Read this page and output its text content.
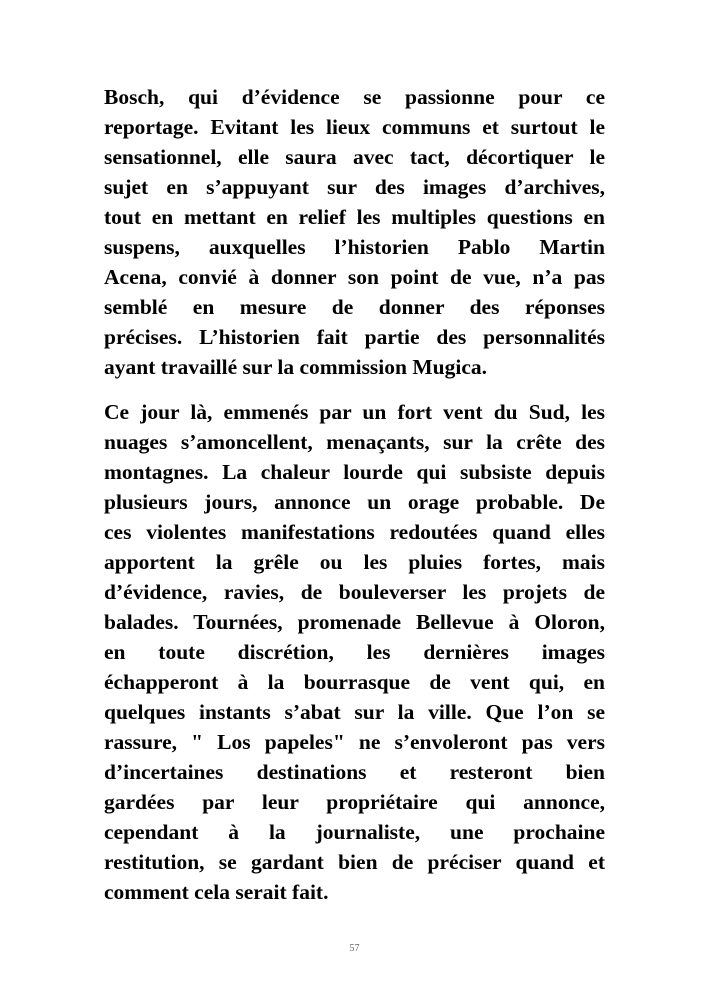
Bosch, qui d’évidence se passionne pour ce
reportage. Evitant les lieux communs et surtout le
sensationnel, elle saura avec tact, décortiquer le
sujet en s’appuyant sur des images d’archives,
tout en mettant en relief les multiples questions en
suspens, auxquelles l’historien Pablo Martin
Acena, convié à donner son point de vue, n’a pas
semblé en mesure de donner des réponses
précises. L’historien fait partie des personnalités
ayant travaillé sur la commission Mugica.
Ce jour là, emmenés par un fort vent du Sud, les
nuages s’amoncellent, menaçants, sur la crête des
montagnes. La chaleur lourde qui subsiste depuis
plusieurs jours, annonce un orage probable. De
ces violentes manifestations redoutées quand elles
apportent la grêle ou les pluies fortes, mais
d’évidence, ravies, de bouleverser les projets de
balades. Tournées, promenade Bellevue à Oloron,
en toute discrétion, les dernières images
échapperont à la bourrasque de vent qui, en
quelques instants s’abat sur la ville. Que l’on se
rassure, " Los papeles" ne s’envoleront pas vers
d’incertaines destinations et resteront bien
gardées par leur propriétaire qui annonce,
cependant à la journaliste, une prochaine
restitution, se gardant bien de préciser quand et
comment cela serait fait.
57
